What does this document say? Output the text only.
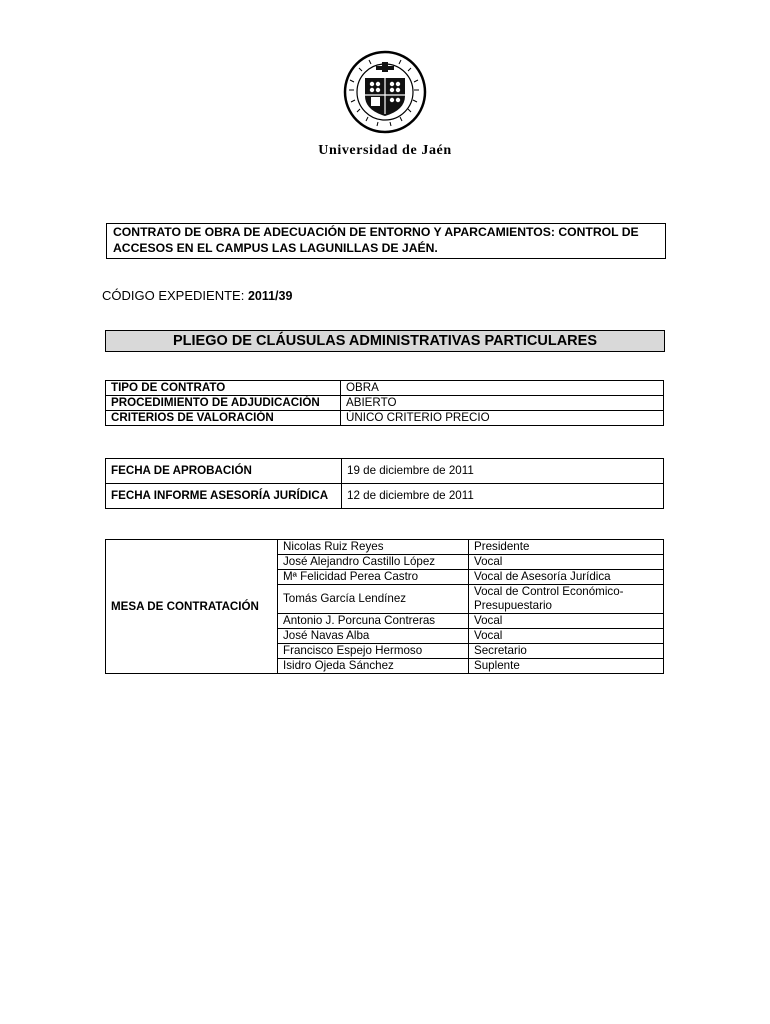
Universidad de Jaén
CONTRATO DE OBRA DE ADECUACIÓN DE ENTORNO Y APARCAMIENTOS: CONTROL DE ACCESOS EN EL CAMPUS LAS LAGUNILLAS DE JAÉN.
CÓDIGO EXPEDIENTE: 2011/39
PLIEGO DE CLÁUSULAS ADMINISTRATIVAS PARTICULARES
TIPO DE CONTRATO	OBRA
PROCEDIMIENTO DE ADJUDICACIÓN	ABIERTO
CRITERIOS DE VALORACIÓN	ÚNICO CRITERIO PRECIO
FECHA DE APROBACIÓN	19 de diciembre de 2011
FECHA INFORME ASESORÍA JURÍDICA	12 de diciembre de 2011
MESA DE CONTRATACIÓN	Nicolas Ruiz Reyes	Presidente
	José Alejandro Castillo López	Vocal
	Mª Felicidad Perea Castro	Vocal de Asesoría Jurídica
	Tomás García Lendínez	Vocal de Control Económico-Presupuestario
	Antonio J. Porcuna Contreras	Vocal
	José Navas Alba	Vocal
	Francisco Espejo Hermoso	Secretario
	Isidro Ojeda Sánchez	Suplente
